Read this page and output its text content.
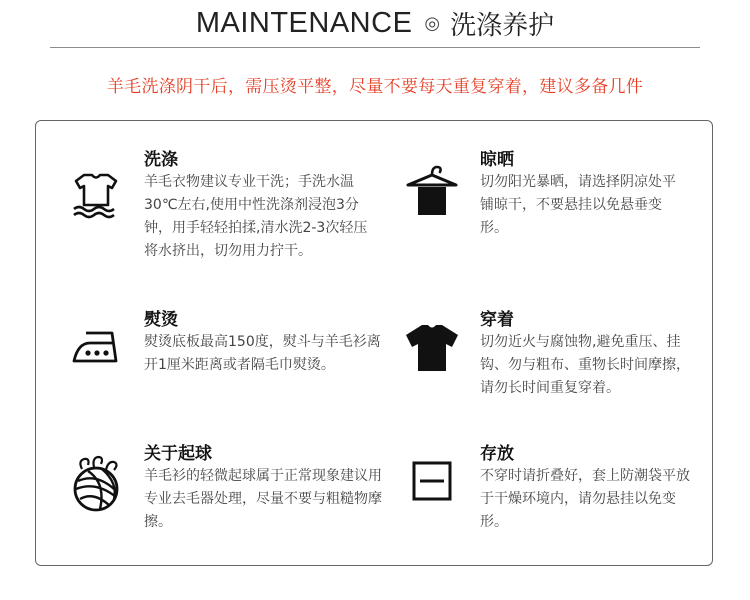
MAINTENANCE ◎ 洗涤养护
羊毛洗涤阴干后，需压烫平整，尽量不要每天重复穿着，建议多备几件
洗涤
羊毛衣物建议专业干洗；手洗水温30℃左右,使用中性洗涤剂浸泡3分钟，用手轻轻拍揉,清水洗2-3次轻压将水挤出，切勿用力拧干。
晾晒
切勿阳光暴晒，请选择阴凉处平铺晾干，不要悬挂以免悬垂变形。
熨烫
熨烫底板最高150度，熨斗与羊毛衫离开1厘米距离或者隔毛巾熨烫。
穿着
切勿近火与腐蚀物,避免重压、挂钩、勿与粗布、重物长时间摩擦，请勿长时间重复穿着。
关于起球
羊毛衫的轻微起球属于正常现象建议用专业去毛器处理，尽量不要与粗糙物摩擦。
存放
不穿时请折叠好，套上防潮袋平放于干燥环境内，请勿悬挂以免变形。
